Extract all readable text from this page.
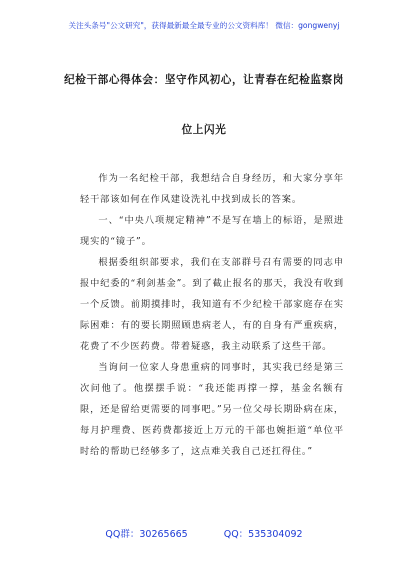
关注头条号"公文研究"，获得最新最全最专业的公文资料库！ 微信：gongwenyj
纪检干部心得体会：坚守作风初心，让青春在纪检监察岗
位上闪光

作为一名纪检干部，我想结合自身经历，和大家分享年轻干部该如何在作风建设洗礼中找到成长的答案。

一、“中央八项规定精神”不是写在墙上的标语，是照进现实的“镜子”。

根据委组织部要求，我们在支部群号召有需要的同志申报中纪委的“利剑基金”。到了截止报名的那天，我没有收到一个反馈。前期摸排时，我知道有不少纪检干部家庭存在实际困难：有的要长期照顾患病老人，有的自身有严重疾病，花费了不少医药费。带着疑惑，我主动联系了这些干部。

当询问一位家人身患重病的同事时，其实我已经是第三次问他了。他摆摆手说：“我还能再撑一撑，基金名额有限，还是留给更需要的同事吧。”另一位父母长期卧病在床，每月护理费、医药费都接近上万元的干部也婉拒道“单位平时给的帮助已经够多了，这点难关我自己还扛得住。”

QQ群：30265665	QQ：535304092
